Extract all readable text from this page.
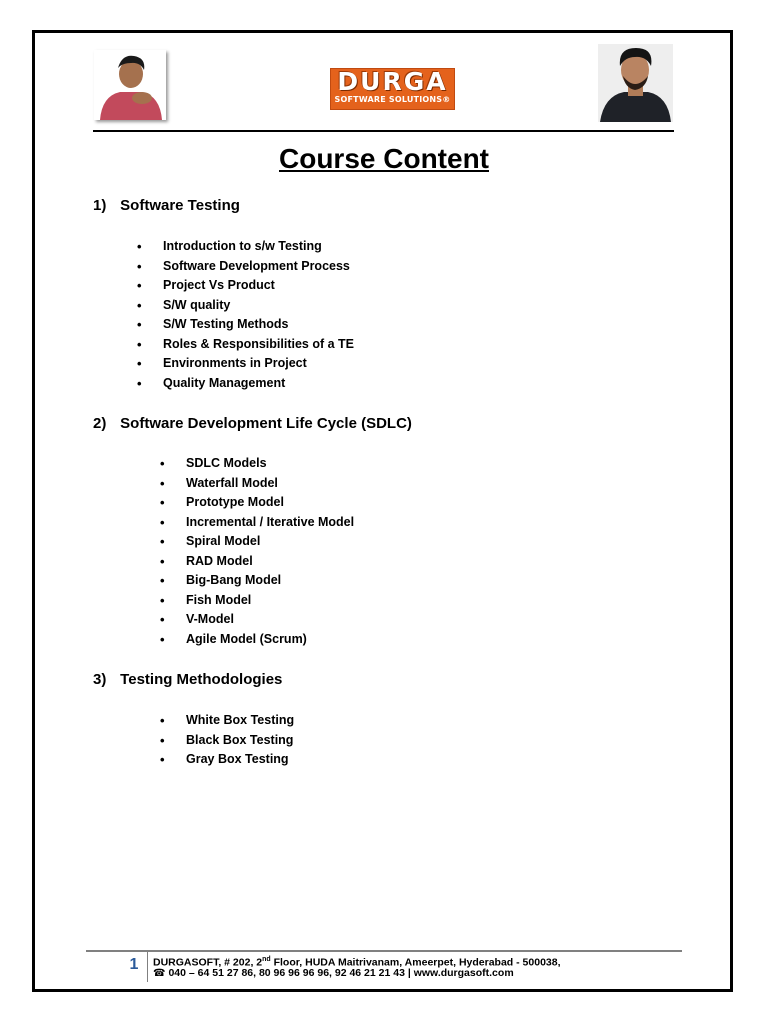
DURGA
SOFTWARE SOLUTIONS®
Course Content
1) Software Testing
• Introduction to s/w Testing
• Software Development Process
• Project Vs Product
• S/W quality
• S/W Testing Methods
• Roles & Responsibilities of a TE
• Environments in Project
• Quality Management
2) Software Development Life Cycle (SDLC)
• SDLC Models
• Waterfall Model
• Prototype Model
• Incremental / Iterative Model
• Spiral Model
• RAD Model
• Big-Bang Model
• Fish Model
• V-Model
• Agile Model (Scrum)
3) Testing Methodologies
• White Box Testing
• Black Box Testing
• Gray Box Testing
1	DURGASOFT, # 202, 2nd Floor, HUDA Maitrivanam, Ameerpet, Hyderabad - 500038,
☎ 040 – 64 51 27 86, 80 96 96 96 96, 92 46 21 21 43 | www.durgasoft.com
